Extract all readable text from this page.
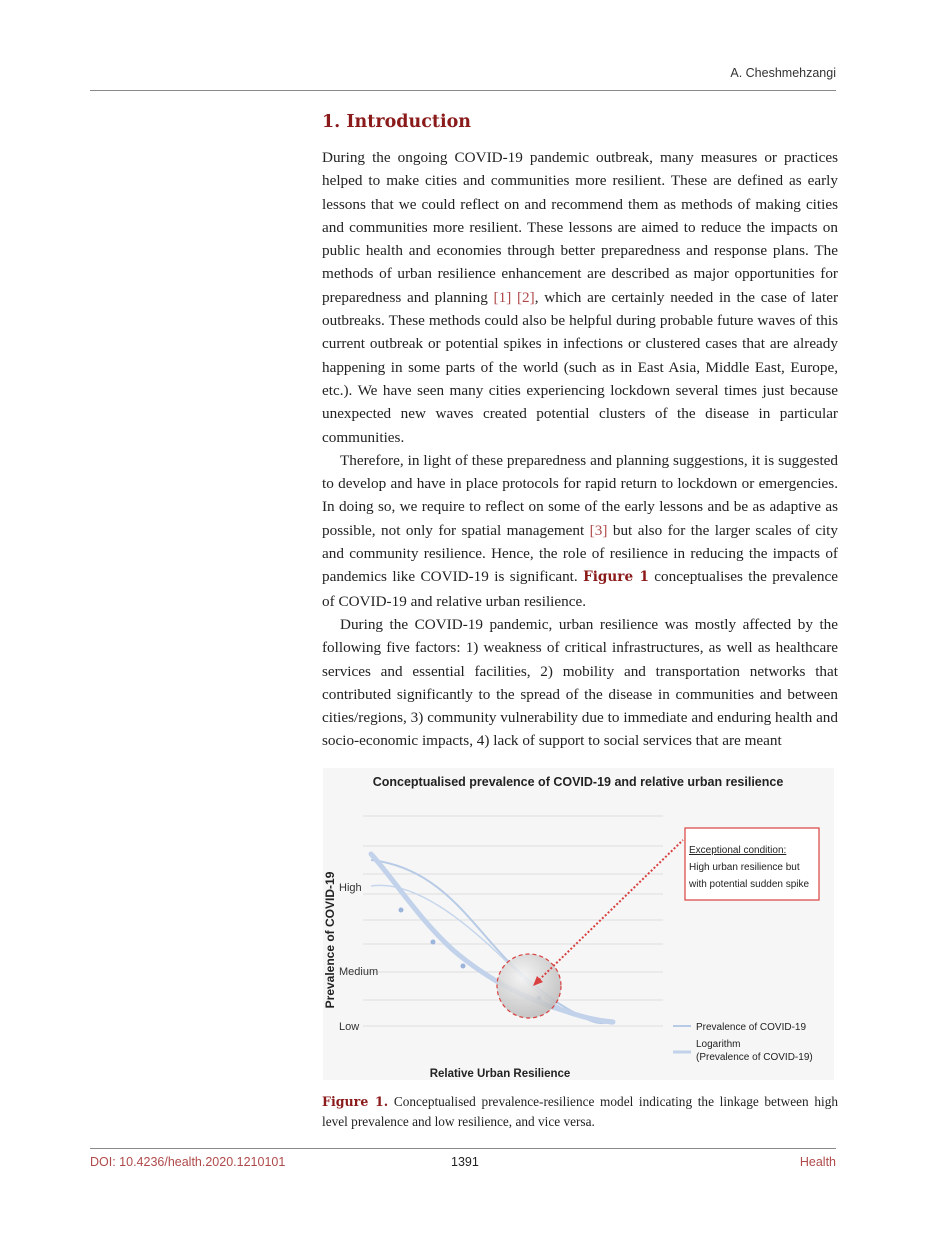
A. Cheshmehzangi
1. Introduction

During the ongoing COVID-19 pandemic outbreak, many measures or practices helped to make cities and communities more resilient. These are defined as early lessons that we could reflect on and recommend them as methods of making cities and communities more resilient. These lessons are aimed to reduce the impacts on public health and economies through better preparedness and response plans. The methods of urban resilience enhancement are described as major opportunities for preparedness and planning [1] [2], which are certainly needed in the case of later outbreaks. These methods could also be helpful during probable future waves of this current outbreak or potential spikes in infections or clustered cases that are already happening in some parts of the world (such as in East Asia, Middle East, Europe, etc.). We have seen many cities experiencing lockdown several times just because unexpected new waves created potential clusters of the disease in particular communities.

Therefore, in light of these preparedness and planning suggestions, it is suggested to develop and have in place protocols for rapid return to lockdown or emergencies. In doing so, we require to reflect on some of the early lessons and be as adaptive as possible, not only for spatial management [3] but also for the larger scales of city and community resilience. Hence, the role of resilience in reducing the impacts of pandemics like COVID-19 is significant. Figure 1 conceptualises the prevalence of COVID-19 and relative urban resilience.

During the COVID-19 pandemic, urban resilience was mostly affected by the following five factors: 1) weakness of critical infrastructures, as well as healthcare services and essential facilities, 2) mobility and transportation networks that contributed significantly to the spread of the disease in communities and between cities/regions, 3) community vulnerability due to immediate and enduring health and socio-economic impacts, 4) lack of support to social services that are meant

Conceptualised prevalence of COVID-19 and relative urban resilience
Prevalence of COVID-19 High
Medium
Low
Exceptional condition:
High urban resilience but
with potential sudden spike
Prevalence of COVID-19
Logarithm
(Prevalence of COVID-19)
Relative Urban Resilience
Figure 1. Conceptualised prevalence-resilience model indicating the linkage between high level prevalence and low resilience, and vice versa.
DOI: 10.4236/health.2020.1210101	1391	Health
